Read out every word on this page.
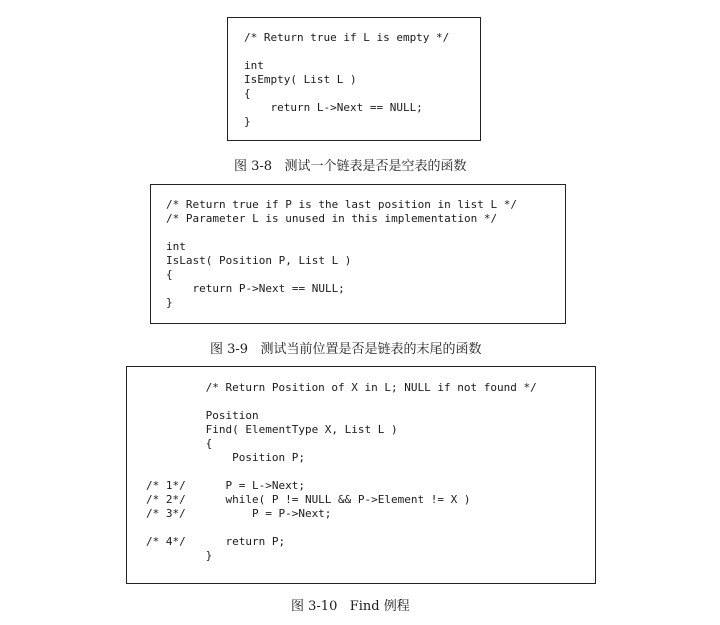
/* Return true if L is empty */

int
IsEmpty( List L )
{
return L->Next == NULL;
}
图 3-8   测试一个链表是否是空表的函数
/* Return true if P is the last position in list L */
/* Parameter L is unused in this implementation */

int
IsLast( Position P, List L )
{
return P->Next == NULL;
}
图 3-9   测试当前位置是否是链表的末尾的函数
/* Return Position of X in L; NULL if not found */

Position
Find( ElementType X, List L )
{
Position P;

/* 1*/      P = L->Next;
/* 2*/      while( P != NULL && P->Element != X )
/* 3*/          P = P->Next;

/* 4*/      return P;
}
图 3-10   Find 例程
